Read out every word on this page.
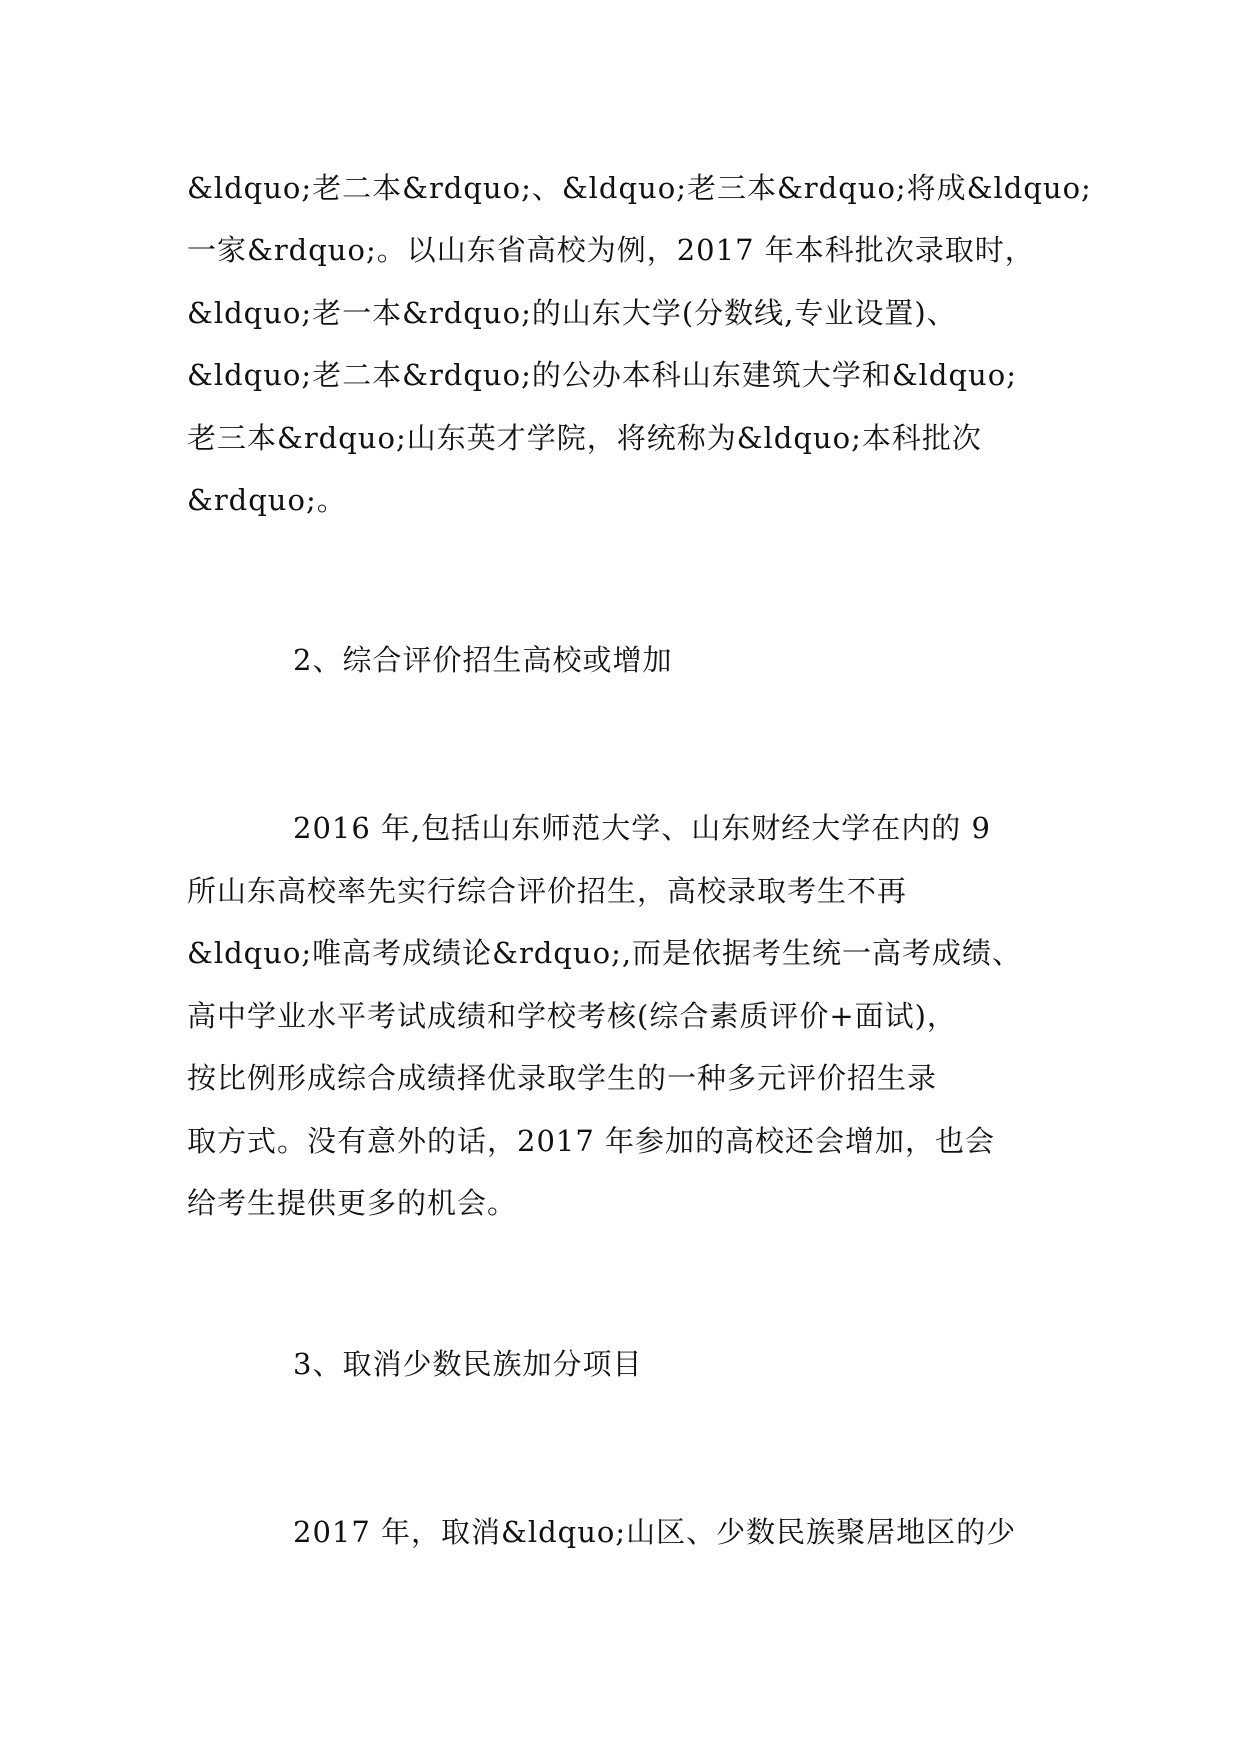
&ldquo;老二本&rdquo;、&ldquo;老三本&rdquo;将成&ldquo;
一家&rdquo;。以山东省高校为例，2017 年本科批次录取时，
&ldquo;老一本&rdquo;的山东大学(分数线,专业设置)、
&ldquo;老二本&rdquo;的公办本科山东建筑大学和&ldquo;
老三本&rdquo;山东英才学院，将统称为&ldquo;本科批次
&rdquo;。
2、综合评价招生高校或增加
2016 年,包括山东师范大学、山东财经大学在内的 9
所山东高校率先实行综合评价招生，高校录取考生不再
&ldquo;唯高考成绩论&rdquo;,而是依据考生统一高考成绩、
高中学业水平考试成绩和学校考核(综合素质评价+面试)，
按比例形成综合成绩择优录取学生的一种多元评价招生录
取方式。没有意外的话，2017 年参加的高校还会增加，也会
给考生提供更多的机会。
3、取消少数民族加分项目
2017 年，取消&ldquo;山区、少数民族聚居地区的少
